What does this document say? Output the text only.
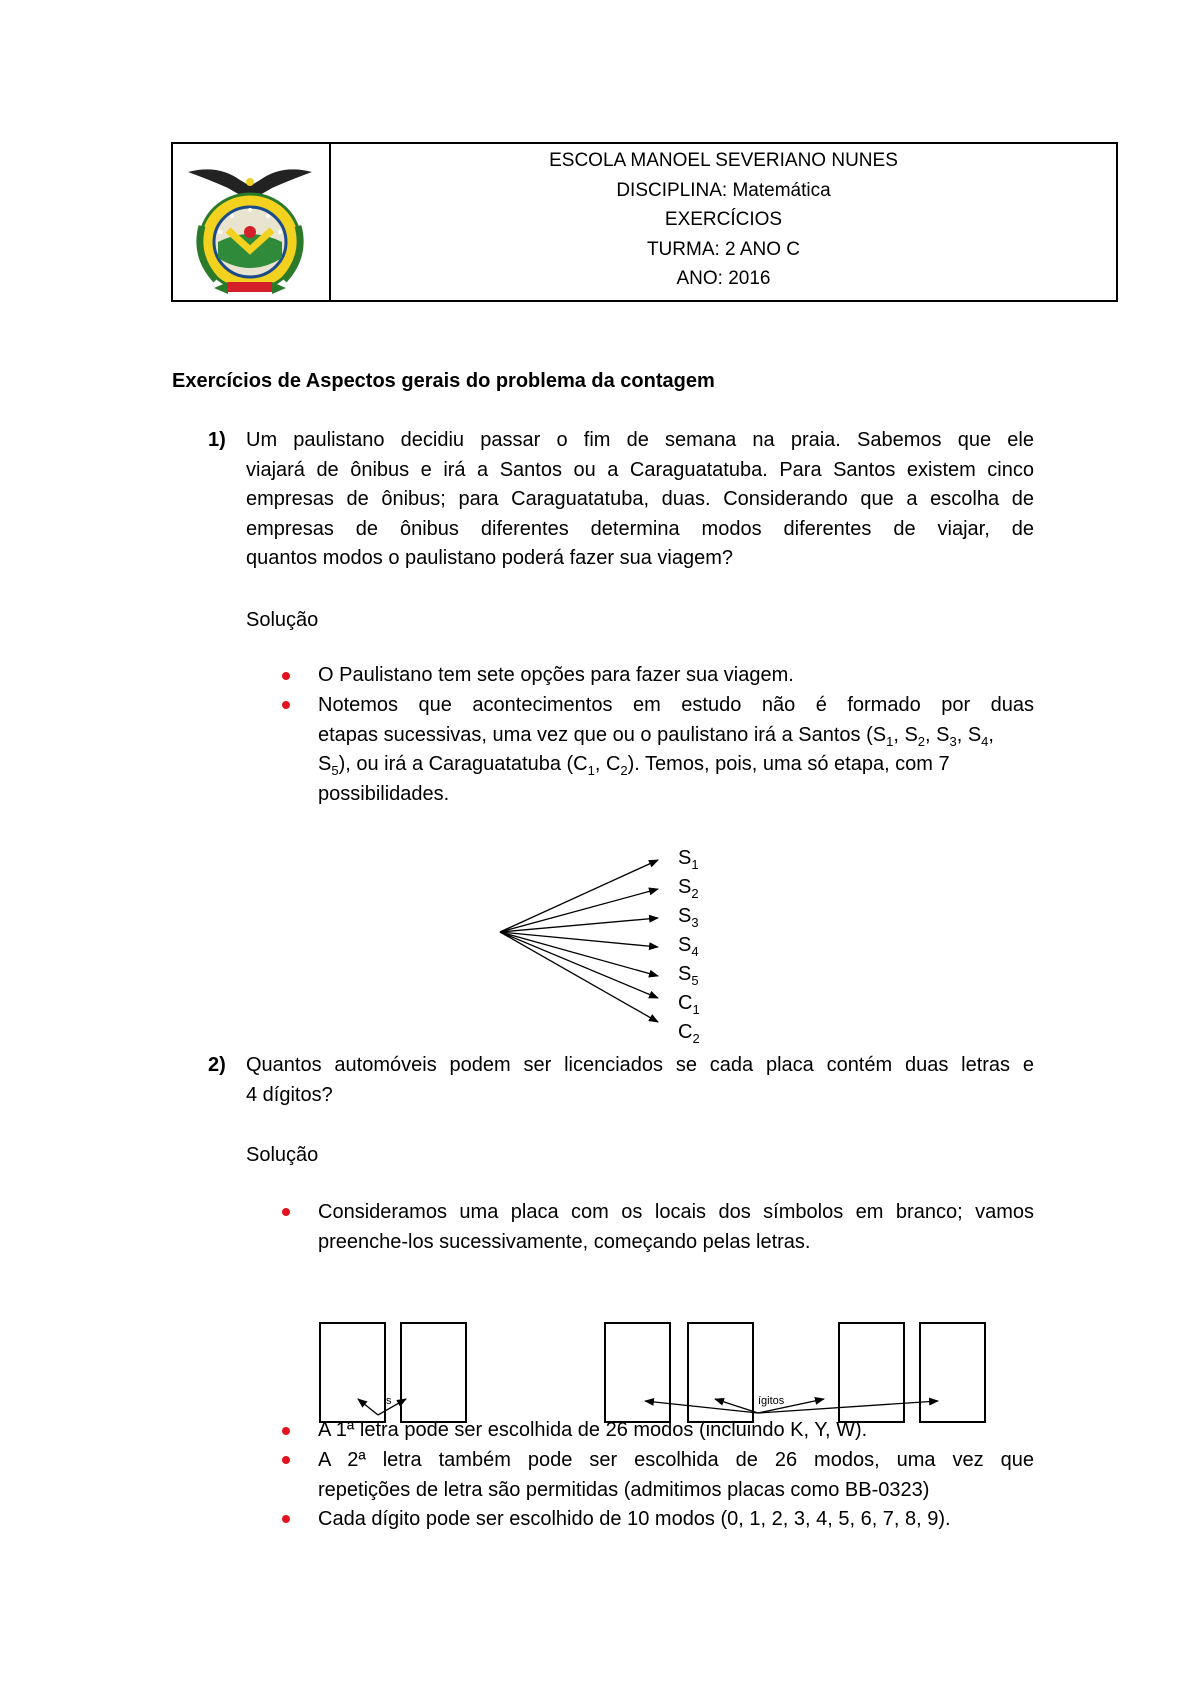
ESCOLA MANOEL SEVERIANO NUNES
DISCIPLINA: Matemática
EXERCÍCIOS
TURMA: 2 ANO C
ANO: 2016
Exercícios de Aspectos gerais do problema da contagem
1) Um paulistano decidiu passar o fim de semana na praia. Sabemos que ele
viajará de ônibus e irá a Santos ou a Caraguatatuba. Para Santos existem cinco
empresas de ônibus; para Caraguatatuba, duas. Considerando que a escolha de
empresas de ônibus diferentes determina modos diferentes de viajar, de
quantos modos o paulistano poderá fazer sua viagem?
Solução
O Paulistano tem sete opções para fazer sua viagem.
Notemos que acontecimentos em estudo não é formado por duas
etapas sucessivas, uma vez que ou o paulistano irá a Santos ($S_1$, $S_2$, $S_3$, $S_4$,
$S_5$), ou irá a Caraguatatuba ($C_1$, $C_2$). Temos, pois, uma só etapa, com 7
possibilidades.
$S_1$
$S_2$
$S_3$
$S_4$
$S_5$
$C_1$
$C_2$
2) Quantos automóveis podem ser licenciados se cada placa contém duas letras e
4 dígitos?
Solução
Consideramos uma placa com os locais dos símbolos em branco; vamos
preenche-los sucessivamente, começando pelas letras.
s	ígitos
A 1ª letra pode ser escolhida de 26 modos (incluindo K, Y, W).
A 2ª letra também pode ser escolhida de 26 modos, uma vez que
repetições de letra são permitidas (admitimos placas como BB-0323)
Cada dígito pode ser escolhido de 10 modos (0, 1, 2, 3, 4, 5, 6, 7, 8, 9).
